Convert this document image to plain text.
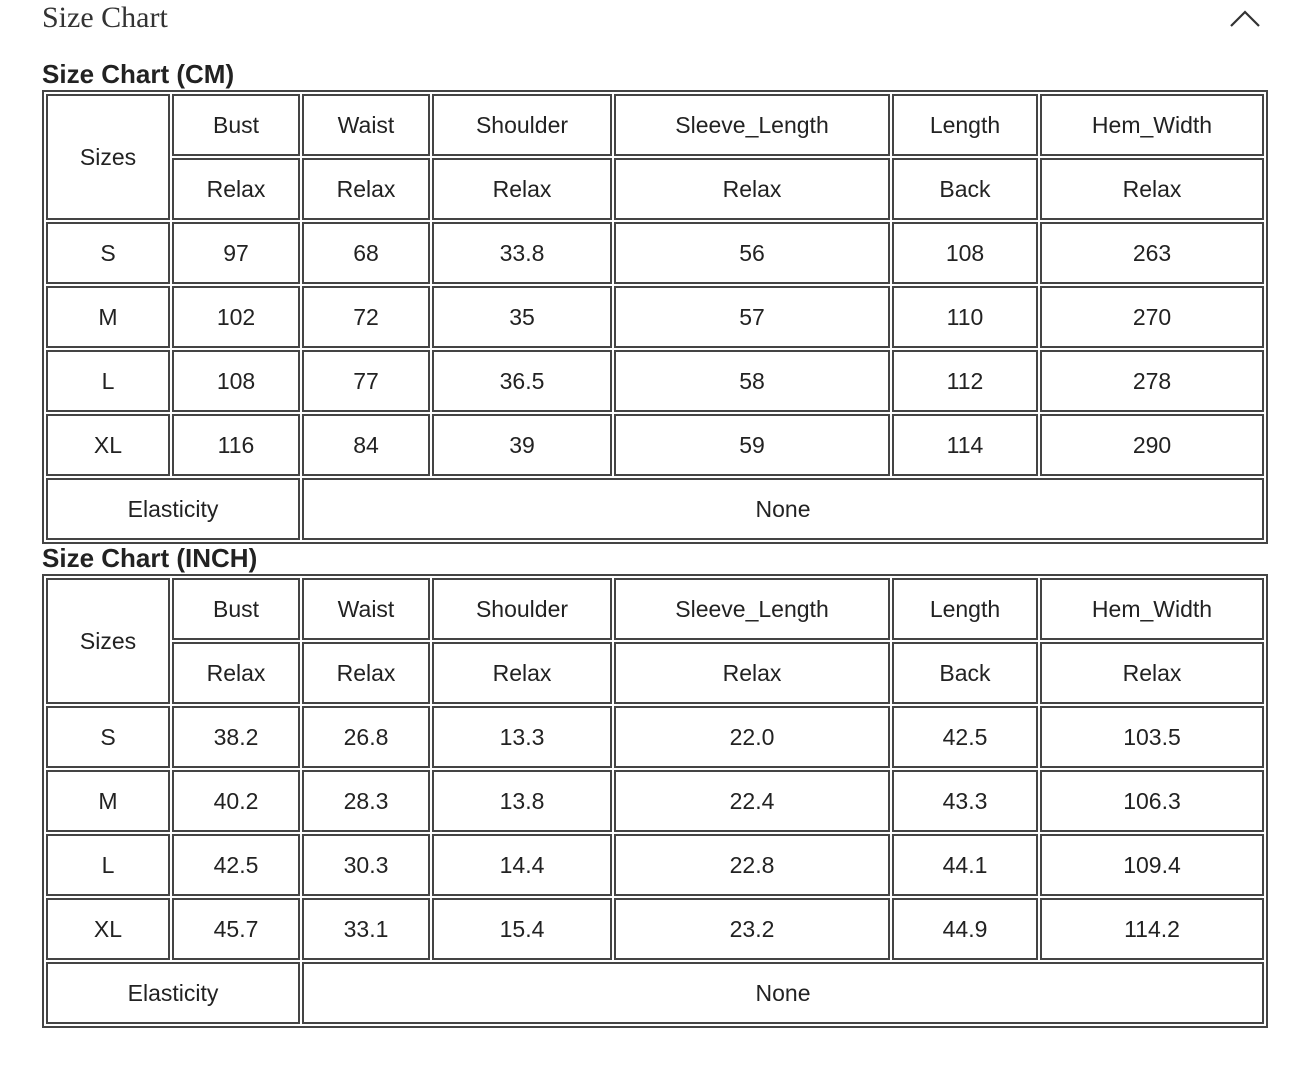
Size Chart
Size Chart (CM)
Sizes	Bust	Waist	Shoulder	Sleeve_Length	Length	Hem_Width
	Relax	Relax	Relax	Relax	Back	Relax
S	97	68	33.8	56	108	263
M	102	72	35	57	110	270
L	108	77	36.5	58	112	278
XL	116	84	39	59	114	290
Elasticity		None				
Size Chart (INCH)
Sizes	Bust	Waist	Shoulder	Sleeve_Length	Length	Hem_Width
	Relax	Relax	Relax	Relax	Back	Relax
S	38.2	26.8	13.3	22.0	42.5	103.5
M	40.2	28.3	13.8	22.4	43.3	106.3
L	42.5	30.3	14.4	22.8	44.1	109.4
XL	45.7	33.1	15.4	23.2	44.9	114.2
Elasticity		None				
